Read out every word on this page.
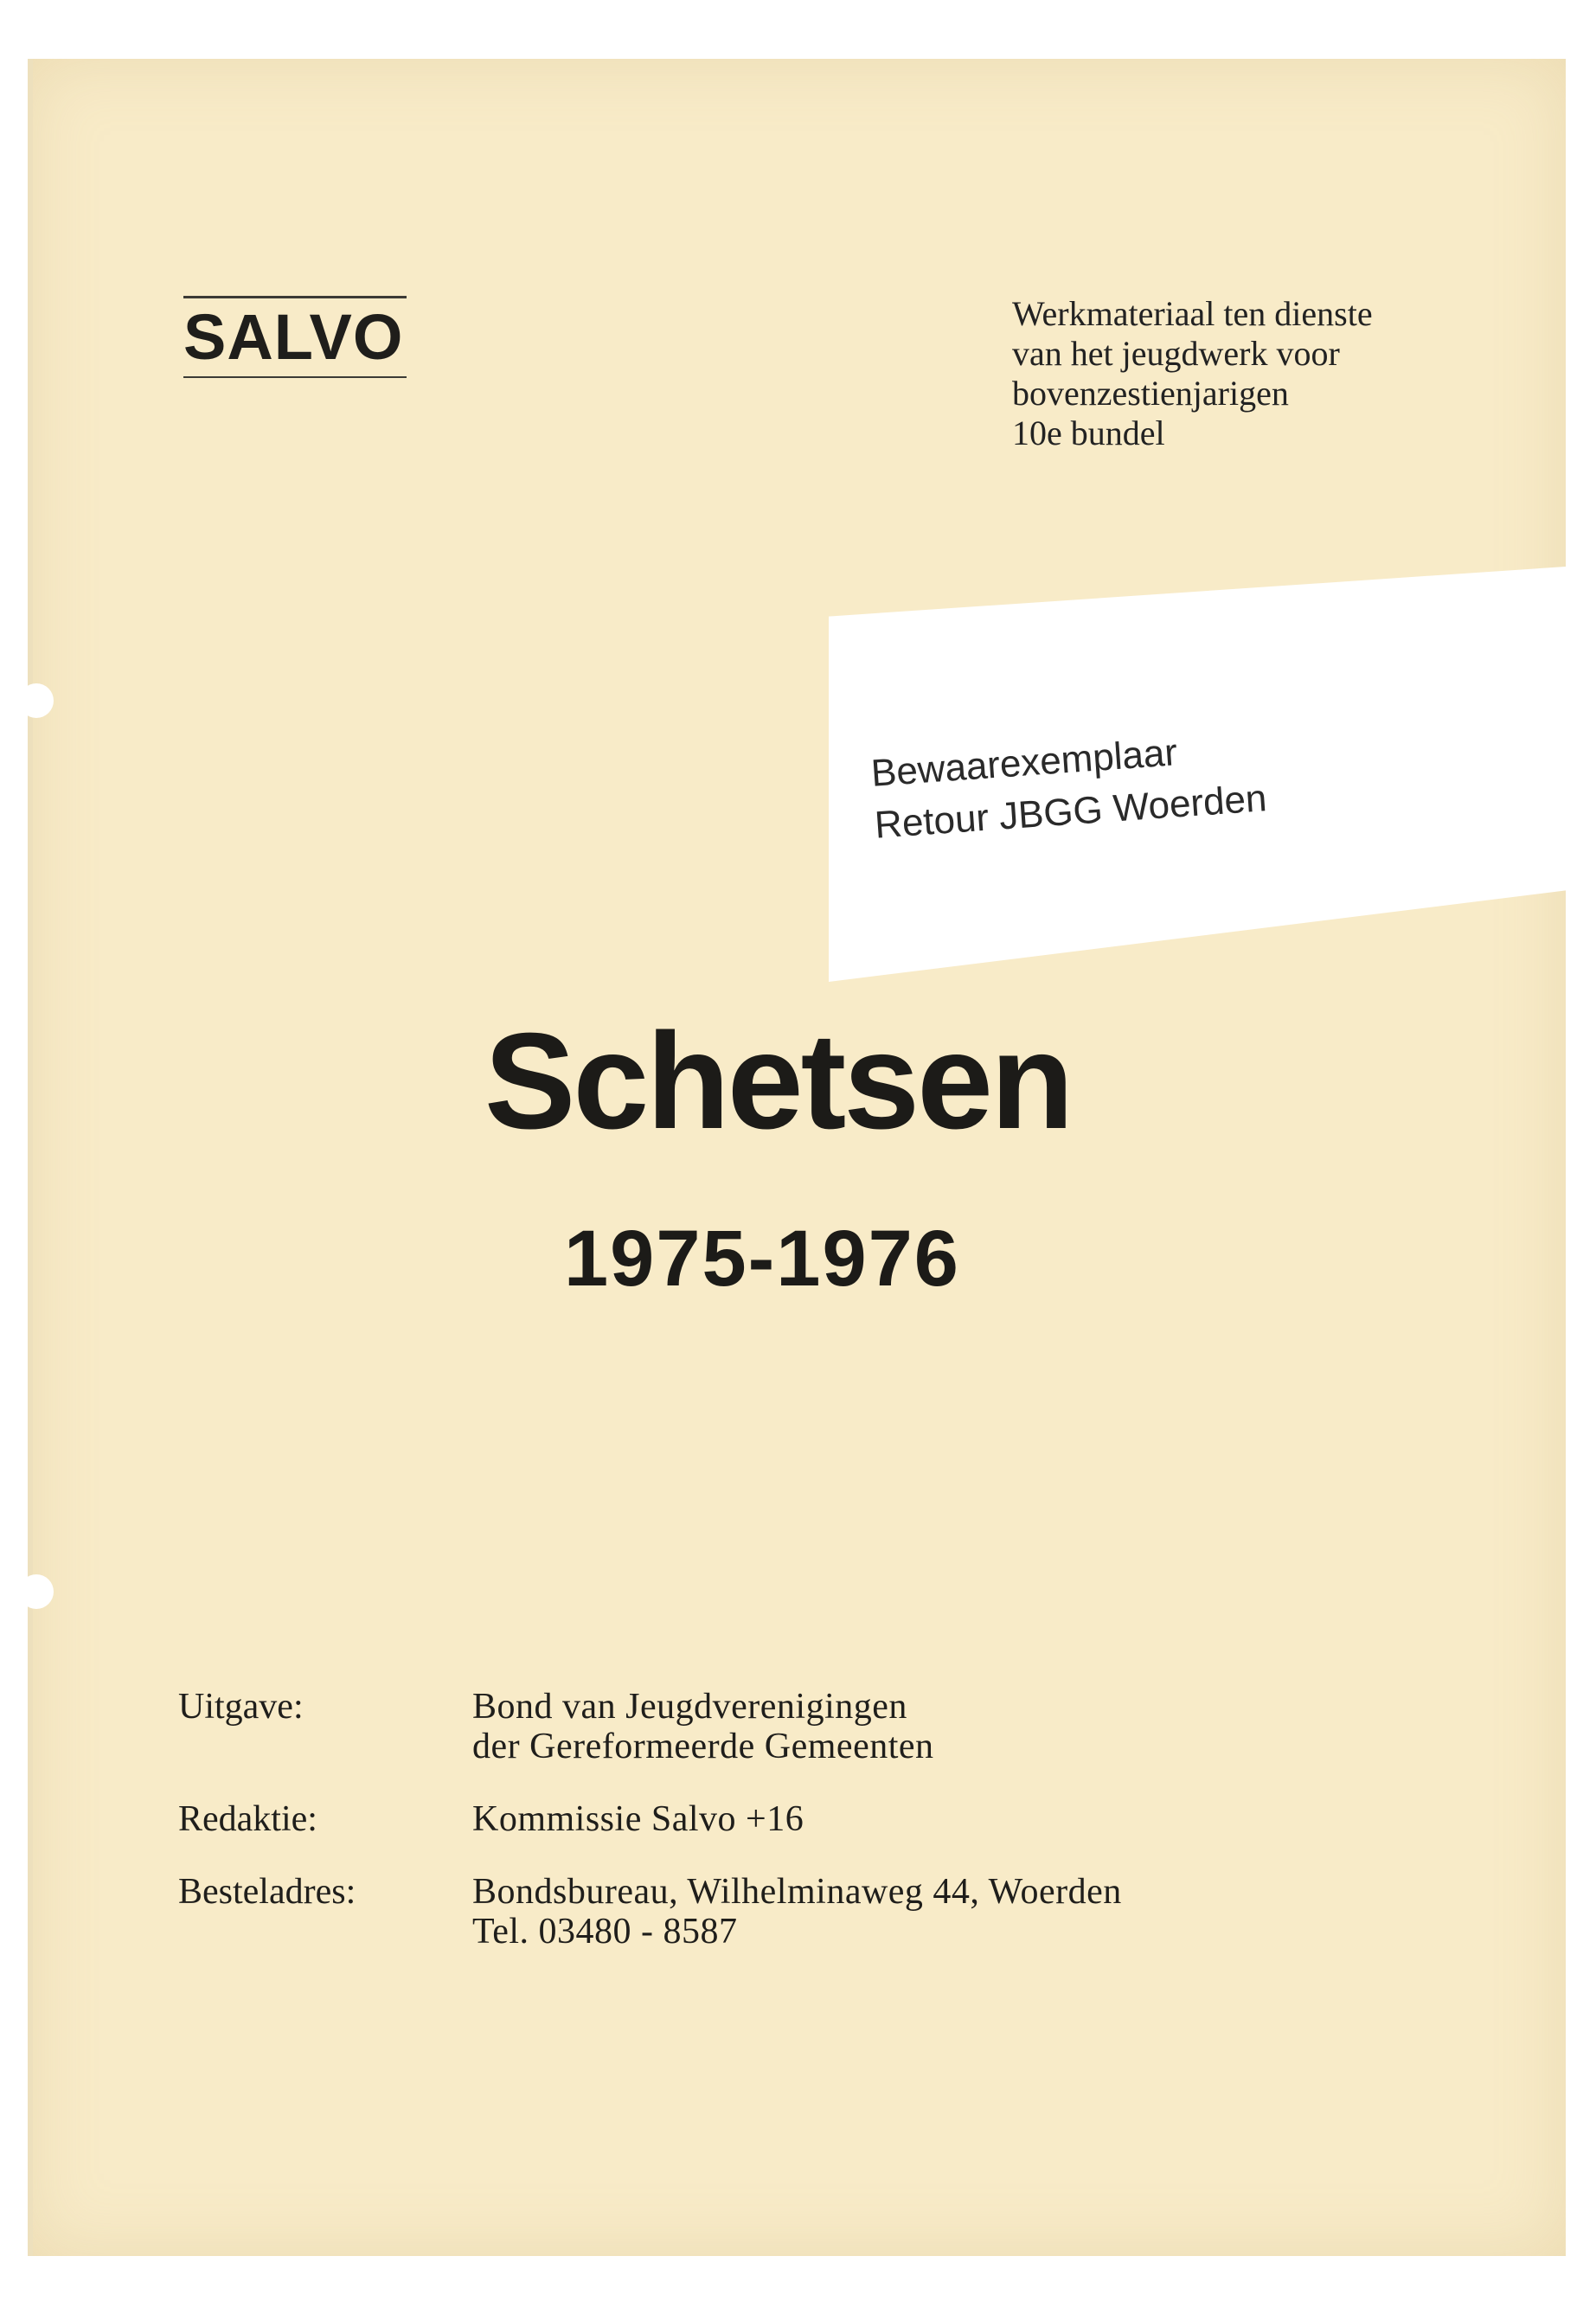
SALVO	Werkmateriaal ten dienste
van het jeugdwerk voor
bovenzestienjarigen
10e bundel
Bewaarexemplaar
Retour JBGG Woerden
Schetsen
1975-1976
Uitgave:	Bond van Jeugdverenigingen
der Gereformeerde Gemeenten
Redaktie:	Kommissie Salvo +16
Besteladres:	Bondsbureau, Wilhelminaweg 44, Woerden
Tel. 03480 - 8587
